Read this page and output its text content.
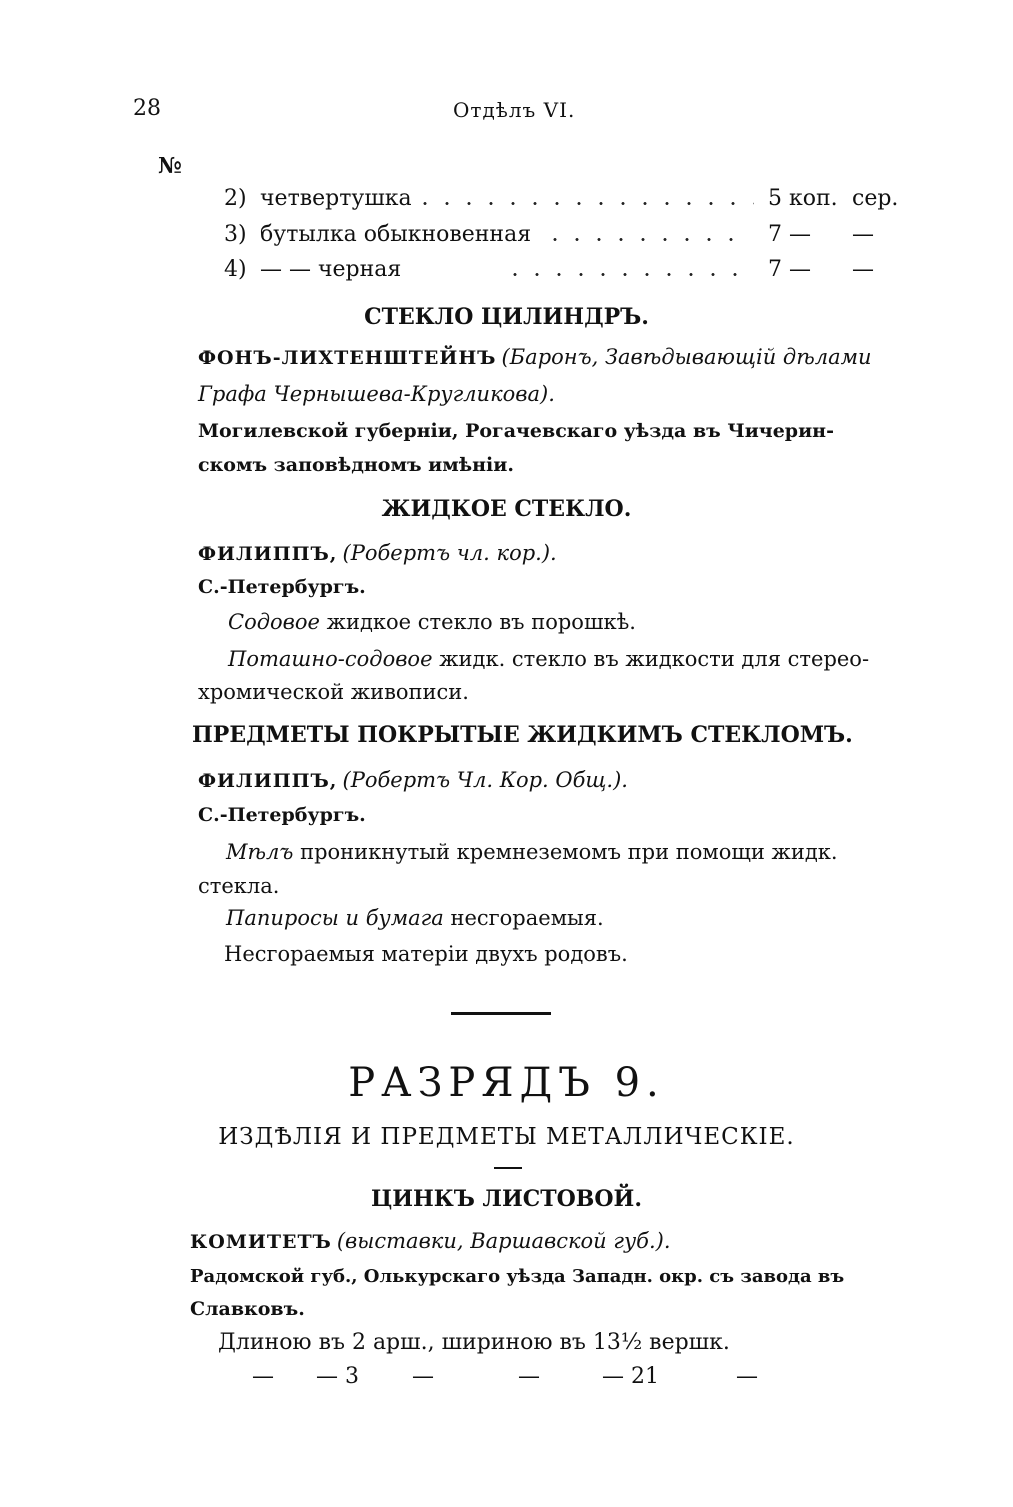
28	Отдѣлъ VI.
№
2) четвертушка	5 коп. сер.
3) бутылка обыкновенная	7 — —
4) — — черная	7 — —
СТЕКЛО ЦИЛИНДРЪ.
ФОНЪ-ЛИХТЕНШТЕЙНЪ (Баронъ, Завѣдывающій дѣлами
Графа Чернышева-Кругликова).
Могилевской губерніи, Рогачевскаго уѣзда въ Чичерин-
скомъ заповѣдномъ имѣніи.
ЖИДКОЕ СТЕКЛО.
ФИЛИППЪ, (Робертъ чл. кор.).
С.-Петербургъ.
Содовое жидкое стекло въ порошкѣ.
Поташно-содовое жидк. стекло въ жидкости для стерео-
хромической живописи.
ПРЕДМЕТЫ ПОКРЫТЫЕ ЖИДКИМЪ СТЕКЛОМЪ.
ФИЛИППЪ, (Робертъ Чл. Кор. Общ.).
С.-Петербургъ.
Мѣлъ проникнутый кремнеземомъ при помощи жидк.
стекла.
Папиросы и бумага несгораемыя.
Несгораемыя матеріи двухъ родовъ.
РАЗРЯДЪ 9.
ИЗДѢЛІЯ И ПРЕДМЕТЫ МЕТАЛЛИЧЕСКІЕ.
ЦИНКЪ ЛИСТОВОЙ.
КОМИТЕТЪ (выставки, Варшавской губ.).
Радомской губ., Олькурскаго уѣзда Западн. окр. съ завода въ
Славковъ.
Длиною въ 2 арш., шириною въ 13½ вершк.
— — 3 —	—	— 21	—
